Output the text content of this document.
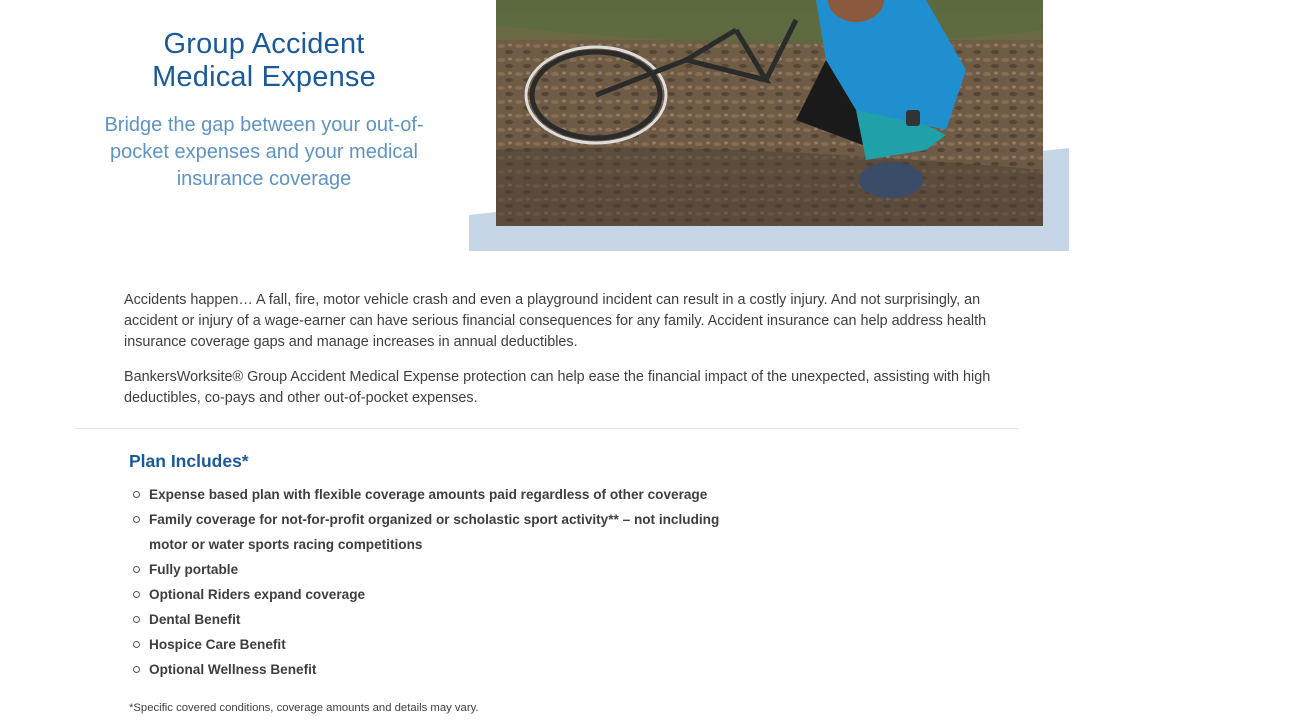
Group Accident
Medical Expense

Bridge the gap between your out-of-pocket expenses and your medical insurance coverage

Accidents happen… A fall, fire, motor vehicle crash and even a playground incident can result in a costly injury. And not surprisingly, an accident or injury of a wage-earner can have serious financial consequences for any family. Accident insurance can help address health insurance coverage gaps and manage increases in annual deductibles.

BankersWorksite® Group Accident Medical Expense protection can help ease the financial impact of the unexpected, assisting with high deductibles, co-pays and other out-of-pocket expenses.

Plan Includes*
Expense based plan with flexible coverage amounts paid regardless of other coverage
Family coverage for not-for-profit organized or scholastic sport activity** – not including motor or water sports racing competitions
Fully portable
Optional Riders expand coverage
Dental Benefit
Hospice Care Benefit
Optional Wellness Benefit

*Specific covered conditions, coverage amounts and details may vary.
